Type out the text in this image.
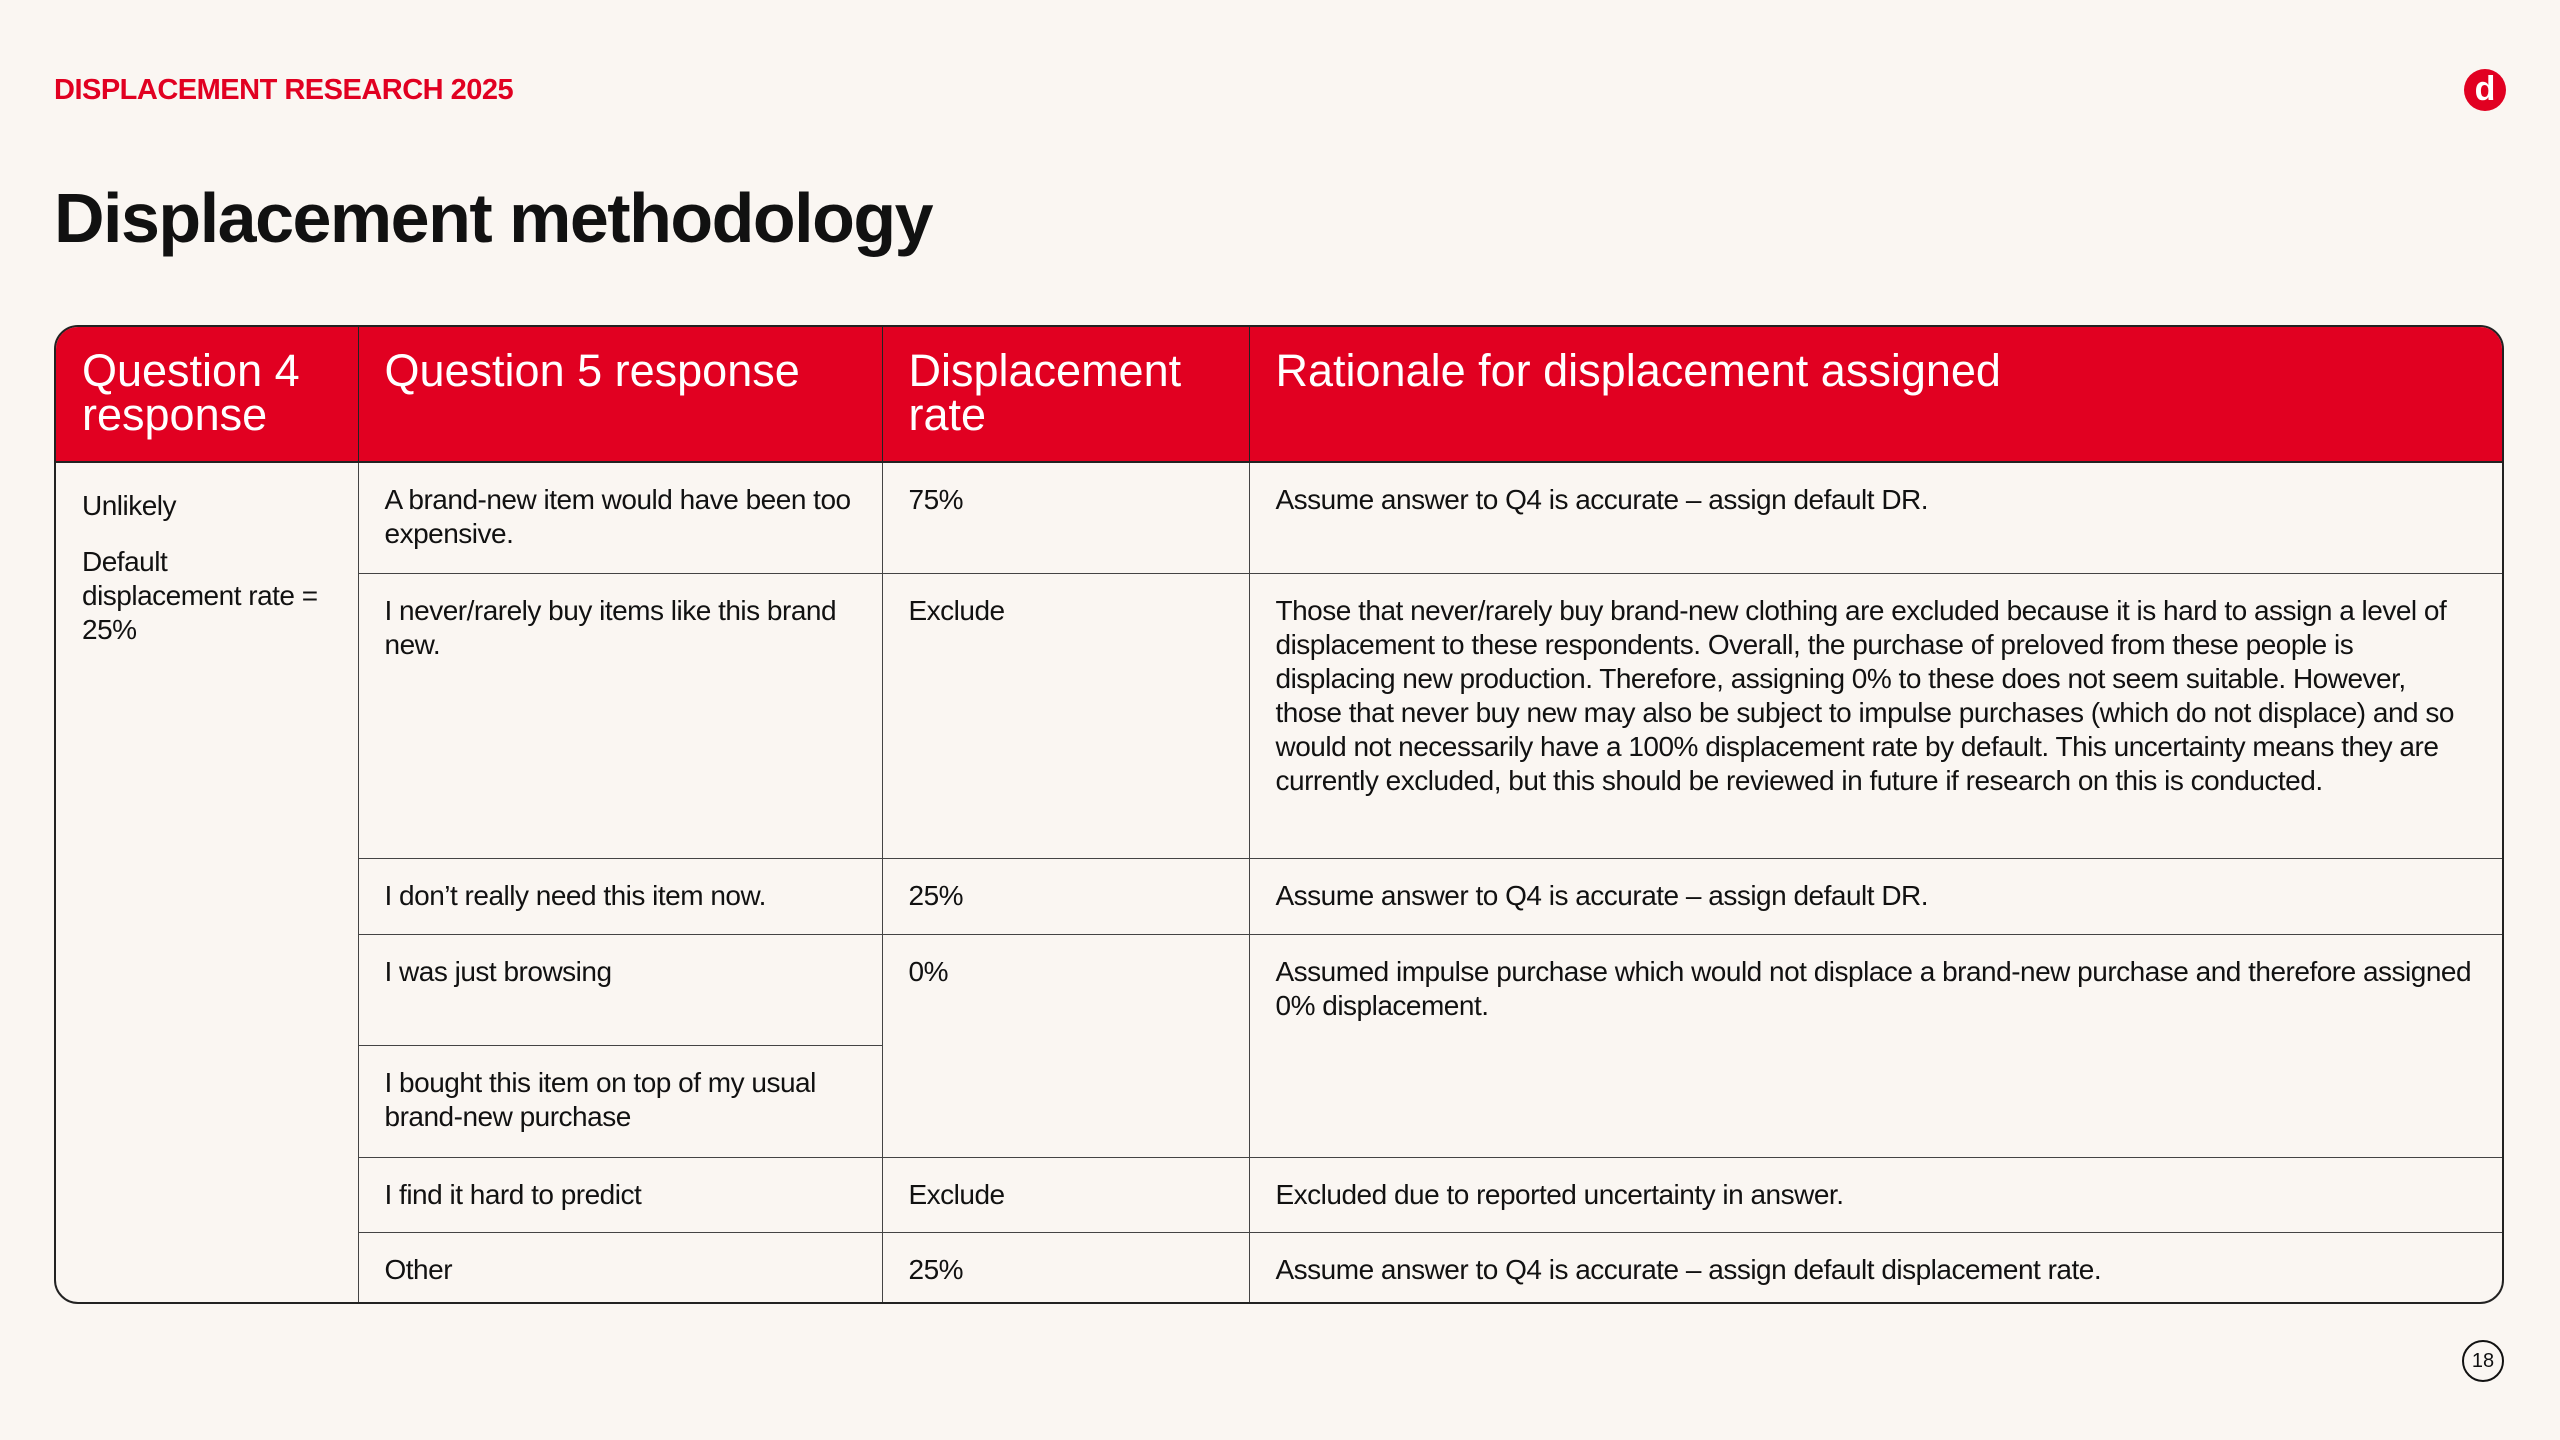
DISPLACEMENT RESEARCH 2025	d
Displacement methodology
Question 4 response	Question 5 response	Displacement rate	Rationale for displacement assigned

Unlikely

Default displacement rate = 25%	A brand-new item would have been too expensive.	75%	Assume answer to Q4 is accurate – assign default DR.
	I never/rarely buy items like this brand new.	Exclude	Those that never/rarely buy brand-new clothing are excluded because it is hard to assign a level of displacement to these respondents. Overall, the purchase of preloved from these people is displacing new production. Therefore, assigning 0% to these does not seem suitable. However, those that never buy new may also be subject to impulse purchases (which do not displace) and so would not necessarily have a 100% displacement rate by default. This uncertainty means they are currently excluded, but this should be reviewed in future if research on this is conducted.
	I don’t really need this item now.	25%	Assume answer to Q4 is accurate – assign default DR.
	I was just browsing	0%	Assumed impulse purchase which would not displace a brand-new purchase and therefore assigned 0% displacement.
	I bought this item on top of my usual brand-new purchase		
	I find it hard to predict	Exclude	Excluded due to reported uncertainty in answer.
	Other	25%	Assume answer to Q4 is accurate – assign default displacement rate.
18
